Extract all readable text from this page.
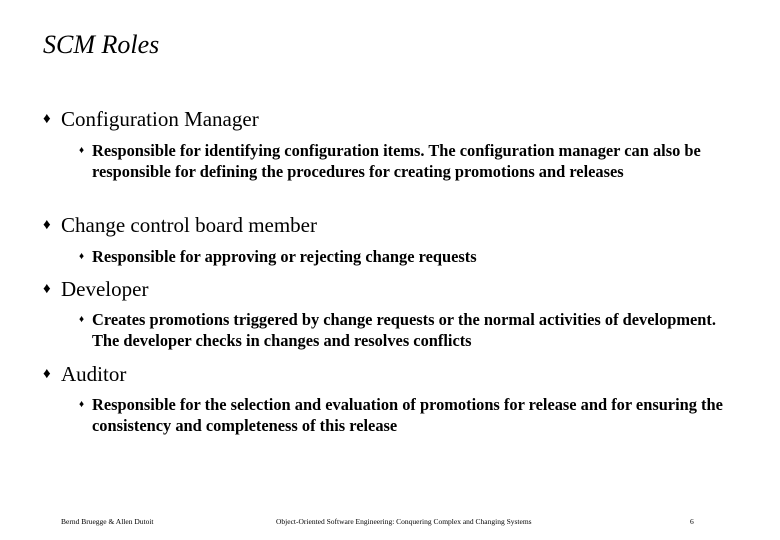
SCM Roles
♦ Configuration Manager
♦ Responsible for identifying configuration items. The configuration manager can also be responsible for defining the procedures for creating promotions and releases
♦ Change control board member
♦ Responsible for approving or rejecting change requests
♦ Developer
♦ Creates promotions triggered by change requests or the normal activities of development. The developer checks in changes and resolves conflicts
♦ Auditor
♦ Responsible for the selection and evaluation of promotions for release and for ensuring the consistency and completeness of this release
Bernd Bruegge & Allen Dutoit	Object-Oriented Software Engineering: Conquering Complex and Changing Systems	6
